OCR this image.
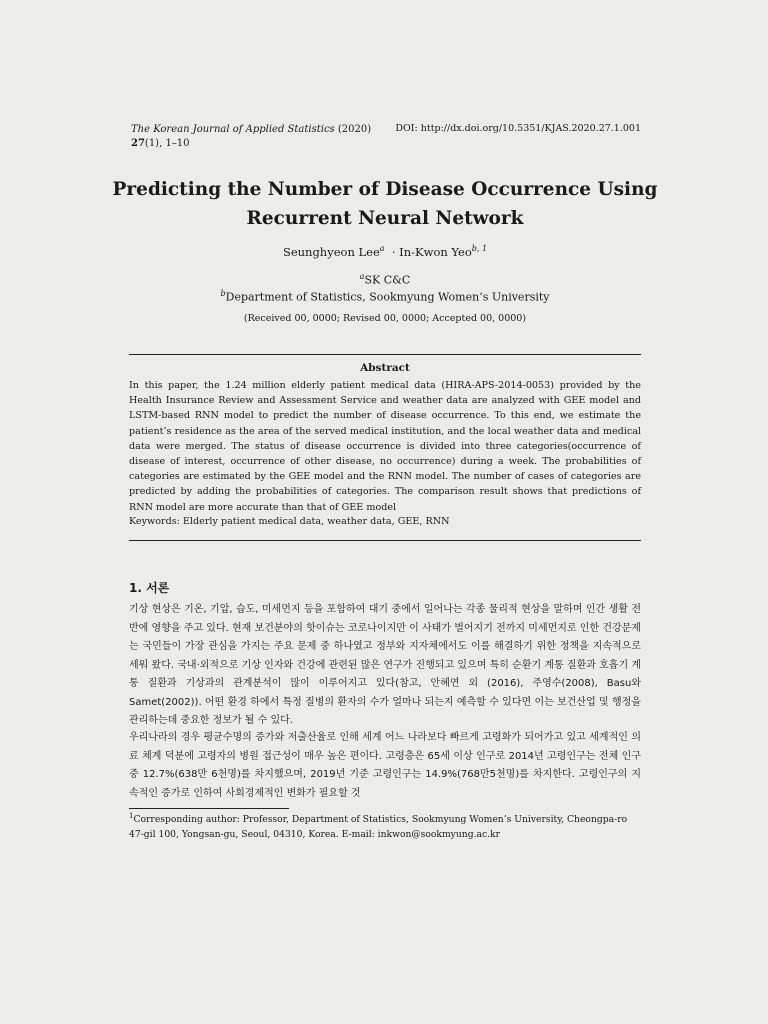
The Korean Journal of Applied Statistics (2020)
27(1), 1–10
DOI: http://dx.doi.org/10.5351/KJAS.2020.27.1.001
Predicting the Number of Disease Occurrence Using
Recurrent Neural Network
Seunghyeon Lee$^a$ · In-Kwon Yeo$^{b, 1}$
$^a$SK C&C
$^b$Department of Statistics, Sookmyung Women’s University
(Received 00, 0000; Revised 00, 0000; Accepted 00, 0000)
Abstract
In this paper, the 1.24 million elderly patient medical data (HIRA-APS-2014-0053) provided by the Health Insurance Review and Assessment Service and weather data are analyzed with GEE model and LSTM-based RNN model to predict the number of disease occurrence. To this end, we estimate the patient’s residence as the area of the served medical institution, and the local weather data and medical data were merged. The status of disease occurrence is divided into three categories(occurrence of disease of interest, occurrence of other disease, no occurrence) during a week. The probabilities of categories are estimated by the GEE model and the RNN model. The number of cases of categories are predicted by adding the probabilities of categories. The comparison result shows that predictions of RNN model are more accurate than that of GEE model
Keywords: Elderly patient medical data, weather data, GEE, RNN
1. 서론
기상 현상은 기온, 기압, 습도, 미세먼지 등을 포함하여 대기 중에서 일어나는 각종 물리적 현상을 말하며 인간 생활 전반에 영향을 주고 있다. 현재 보건분야의 핫이슈는 코로나이지만 이 사태가 벌어지기 전까지 미세먼지로 인한 건강문제는 국민들이 가장 관심을 가지는 주요 문제 중 하나였고 정부와 지자체에서도 이를 해결하기 위한 정책을 지속적으로 세워 왔다. 국내·외적으로 기상 인자와 건강에 관련된 많은 연구가 진행되고 있으며 특히 순환기 계통 질환과 호흡기 계통 질환과 기상과의 관계분석이 많이 이루어지고 있다(참고, 안혜연 외 (2016), 주영수(2008), Basu와 Samet(2002)). 어떤 환경 하에서 특정 질병의 환자의 수가 얼마나 되는지 예측할 수 있다면 이는 보건산업 및 행정을 관리하는데 중요한 정보가 될 수 있다.
우리나라의 경우 평균수명의 증가와 저출산율로 인해 세계 어느 나라보다 빠르게 고령화가 되어가고 있고 세계적인 의료 체계 덕분에 고령자의 병원 접근성이 매우 높은 편이다. 고령층은 65세 이상 인구로 2014년 고령인구는 전체 인구 중 12.7%(638만 6천명)를 차지했으며, 2019년 기준 고령인구는 14.9%(768만5천명)를 차지한다. 고령인구의 지속적인 증가로 인하여 사회경제적인 변화가 필요할 것
$^1$Corresponding author: Professor, Department of Statistics, Sookmyung Women’s University, Cheongpa-ro 47-gil 100, Yongsan-gu, Seoul, 04310, Korea. E-mail: inkwon@sookmyung.ac.kr
